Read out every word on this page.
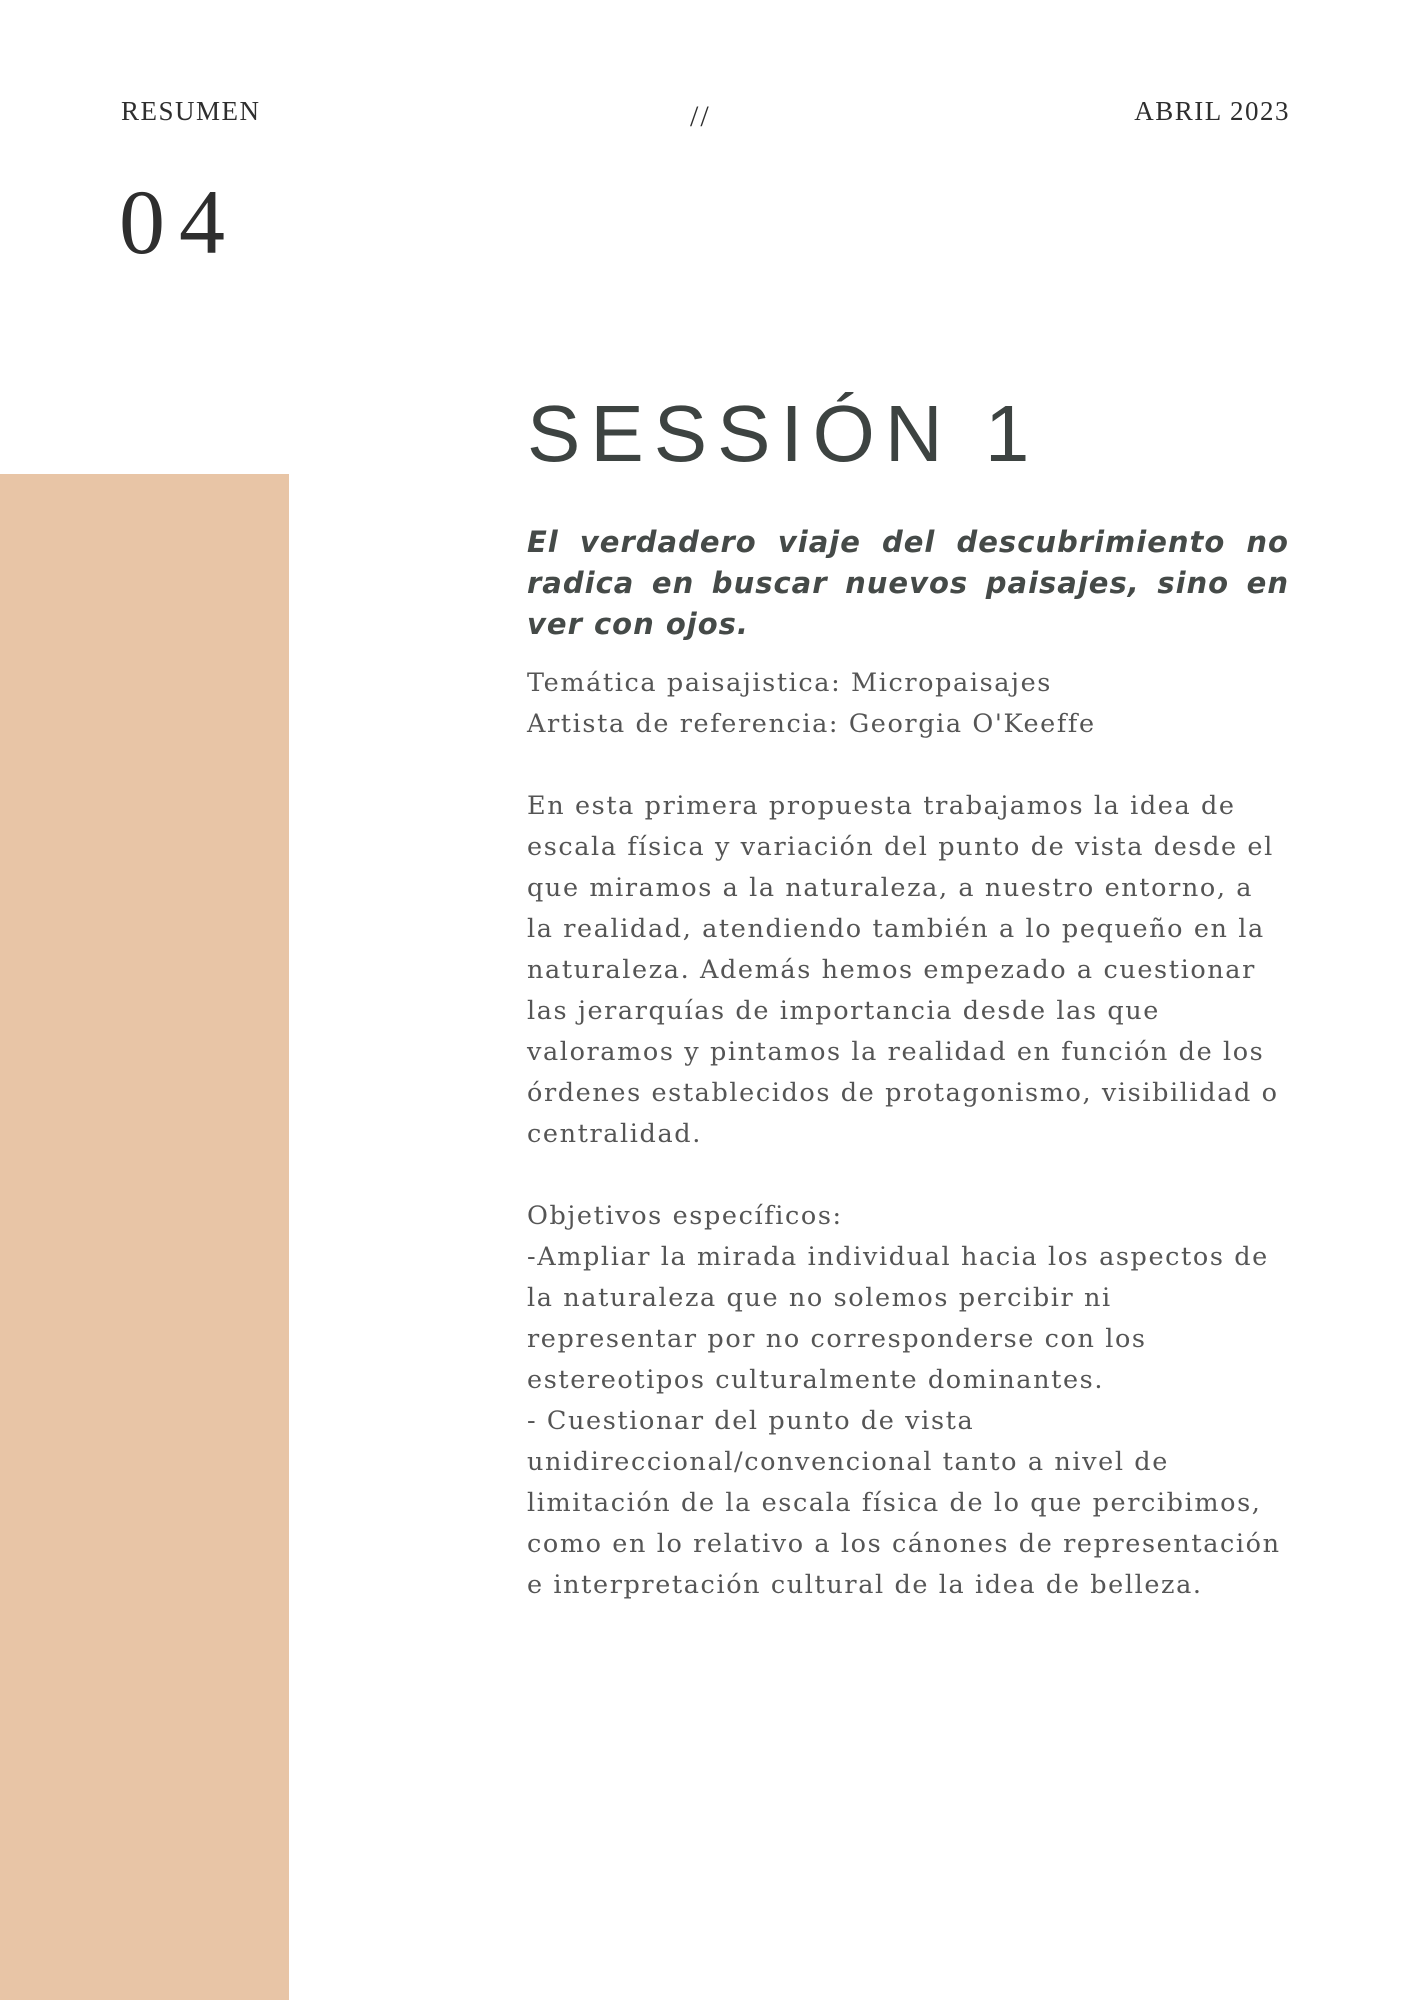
RESUMEN	//	ABRIL 2023
04
SESSIÓN 1

El verdadero viaje del descubrimiento no radica en buscar nuevos paisajes, sino en ver con ojos.

Temática paisajistica: Micropaisajes
Artista de referencia: Georgia O'Keeffe

En esta primera propuesta trabajamos la idea de escala física y variación del punto de vista desde el que miramos a la naturaleza, a nuestro entorno, a la realidad, atendiendo también a lo pequeño en la naturaleza. Además hemos empezado a cuestionar las jerarquías de importancia desde las que valoramos y pintamos la realidad en función de los órdenes establecidos de protagonismo, visibilidad o centralidad.

Objetivos específicos:

-Ampliar la mirada individual hacia los aspectos de la naturaleza que no solemos percibir ni representar por no corresponderse con los estereotipos culturalmente dominantes.

- Cuestionar del punto de vista unidireccional/convencional tanto a nivel de limitación de la escala física de lo que percibimos, como en lo relativo a los cánones de representación e interpretación cultural de la idea de belleza.
